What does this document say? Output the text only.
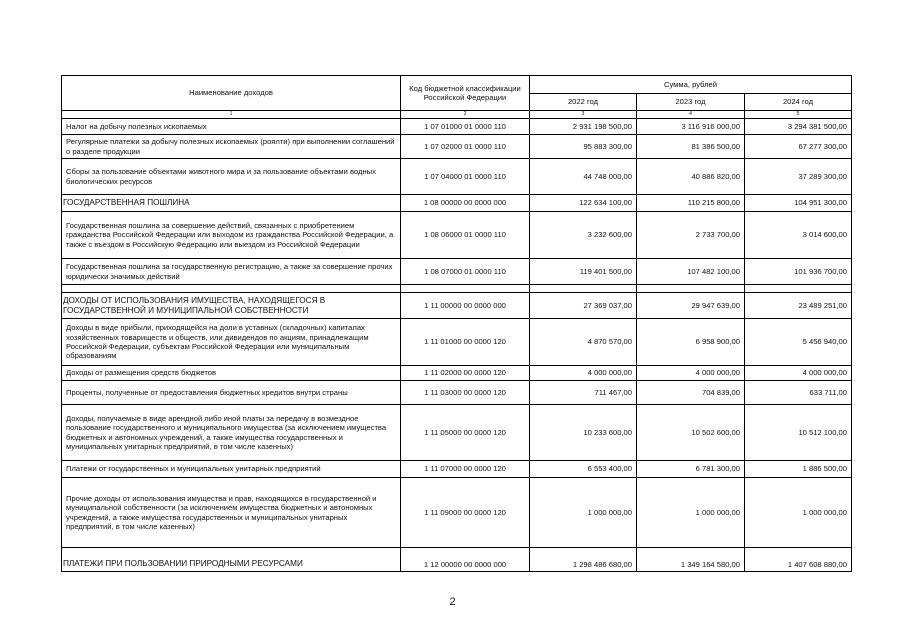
Наименование доходов	Код бюджетной классификации Российской Федерации	Сумма, рублей		
		2022 год	2023 год	2024 год
1	2	3	4	5
Налог на добычу полезных ископаемых	1 07 01000 01 0000 110	2 931 198 500,00	3 116 916 000,00	3 294 381 500,00
Регулярные платежи за добычу полезных ископаемых (роялти) при выполнении соглашений о разделе продукции	1 07 02000 01 0000 110	95 883 300,00	81 386 500,00	67 277 300,00
Сборы за пользование объектами животного мира и за пользование объектами водных биологических ресурсов	1 07 04000 01 0000 110	44 748 000,00	40 886 820,00	37 289 300,00
ГОСУДАРСТВЕННАЯ ПОШЛИНА	1 08 00000 00 0000 000	122 634 100,00	110 215 800,00	104 951 300,00
Государственная пошлина за совершение действий, связанных с приобретением гражданства Российской Федерации или выходом из гражданства Российской Федерации, а также с въездом в Российскую Федерацию или выездом из Российской Федерации	1 08 06000 01 0000 110	3 232 600,00	2 733 700,00	3 014 600,00
Государственная пошлина за государственную регистрацию, а также за совершение прочих юридически значимых действий	1 08 07000 01 0000 110	119 401 500,00	107 482 100,00	101 936 700,00

ДОХОДЫ ОТ ИСПОЛЬЗОВАНИЯ ИМУЩЕСТВА, НАХОДЯЩЕГОСЯ В ГОСУДАРСТВЕННОЙ И МУНИЦИПАЛЬНОЙ СОБСТВЕННОСТИ	1 11 00000 00 0000 000	27 369 037,00	29 947 639,00	23 489 251,00
Доходы в виде прибыли, приходящейся на доли в уставных (складочных) капиталах хозяйственных товариществ и обществ, или дивидендов по акциям, принадлежащим Российской Федерации, субъектам Российской Федерации или муниципальным образованиям	1 11 01000 00 0000 120	4 870 570,00	6 958 900,00	5 456 940,00
Доходы от размещения средств бюджетов	1 11 02000 00 0000 120	4 000 000,00	4 000 000,00	4 000 000,00
Проценты, полученные от предоставления бюджетных кредитов внутри страны	1 11 03000 00 0000 120	711 467,00	704 839,00	633 711,00
Доходы, получаемые в виде арендной либо иной платы за передачу в возмездное пользование государственного и муниципального имущества (за исключением имущества бюджетных и автономных учреждений, а также имущества государственных и муниципальных унитарных предприятий, в том числе казенных)	1 11 05000 00 0000 120	10 233 600,00	10 502 600,00	10 512 100,00
Платежи от государственных и муниципальных унитарных предприятий	1 11 07000 00 0000 120	6 553 400,00	6 781 300,00	1 886 500,00
Прочие доходы от использования имущества и прав, находящихся в государственной и муниципальной собственности (за исключением имущества бюджетных и автономных учреждений, а также имущества государственных и муниципальных унитарных предприятий, в том числе казенных)	1 11 09000 00 0000 120	1 000 000,00	1 000 000,00	1 000 000,00
ПЛАТЕЖИ ПРИ ПОЛЬЗОВАНИИ ПРИРОДНЫМИ РЕСУРСАМИ	1 12 00000 00 0000 000	1 298 486 680,00	1 349 164 580,00	1 407 608 880,00
2
